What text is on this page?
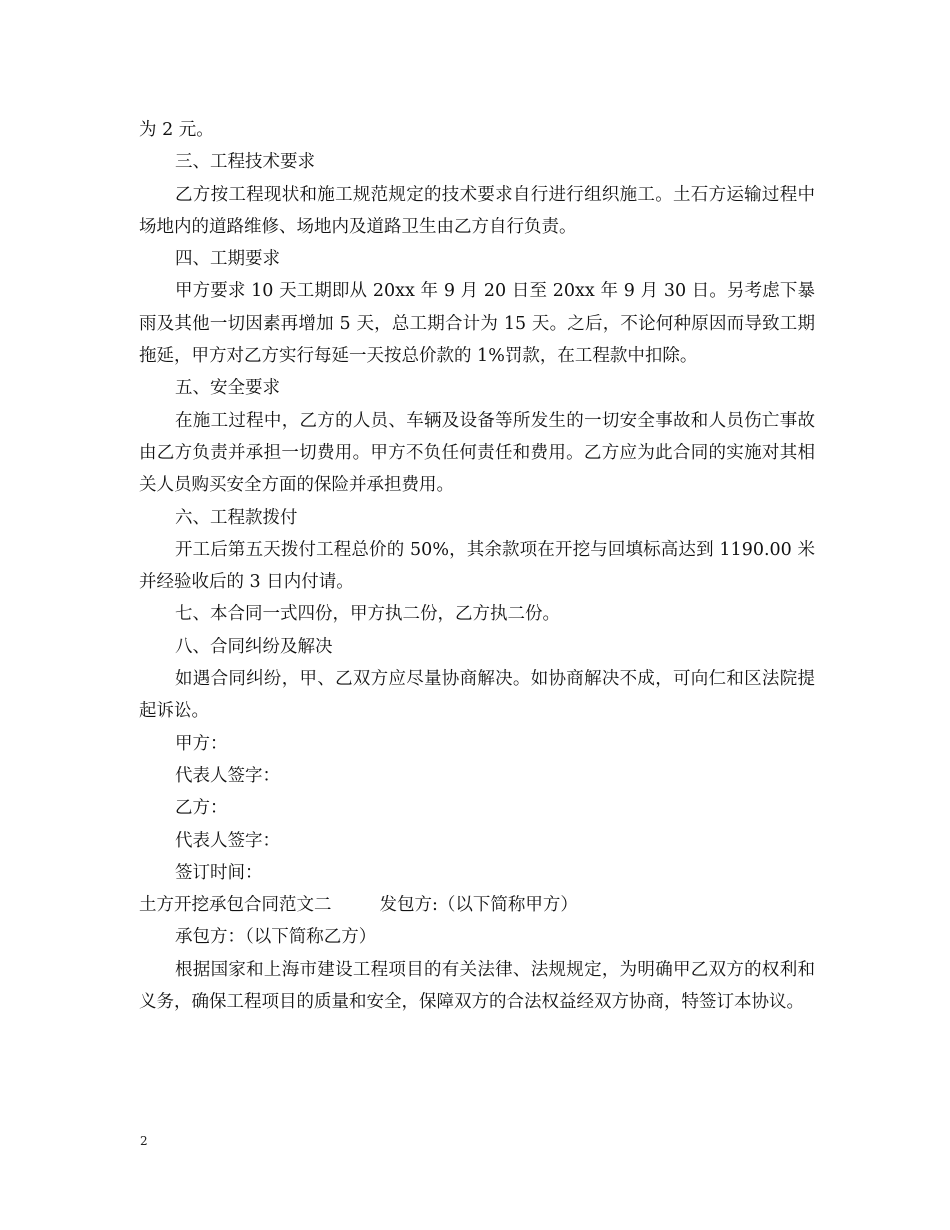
为 2 元。

三、工程技术要求

乙方按工程现状和施工规范规定的技术要求自行进行组织施工。土石方运输过程中场地内的道路维修、场地内及道路卫生由乙方自行负责。

四、工期要求

甲方要求 10 天工期即从 20xx 年 9 月 20 日至 20xx 年 9 月 30 日。另考虑下暴雨及其他一切因素再增加 5 天，总工期合计为 15 天。之后，不论何种原因而导致工期拖延，甲方对乙方实行每延一天按总价款的 1%罚款，在工程款中扣除。

五、安全要求

在施工过程中，乙方的人员、车辆及设备等所发生的一切安全事故和人员伤亡事故由乙方负责并承担一切费用。甲方不负任何责任和费用。乙方应为此合同的实施对其相关人员购买安全方面的保险并承担费用。

六、工程款拨付

开工后第五天拨付工程总价的 50%，其余款项在开挖与回填标高达到 1190.00 米并经验收后的 3 日内付请。

七、本合同一式四份，甲方执二份，乙方执二份。

八、合同纠纷及解决

如遇合同纠纷，甲、乙双方应尽量协商解决。如协商解决不成，可向仁和区法院提起诉讼。

甲方：

代表人签字：

乙方：

代表人签字：

签订时间：

土方开挖承包合同范文二	发包方:（以下简称甲方）

承包方：（以下简称乙方）

根据国家和上海市建设工程项目的有关法律、法规规定，为明确甲乙双方的权利和义务，确保工程项目的质量和安全，保障双方的合法权益经双方协商，特签订本协议。

2
